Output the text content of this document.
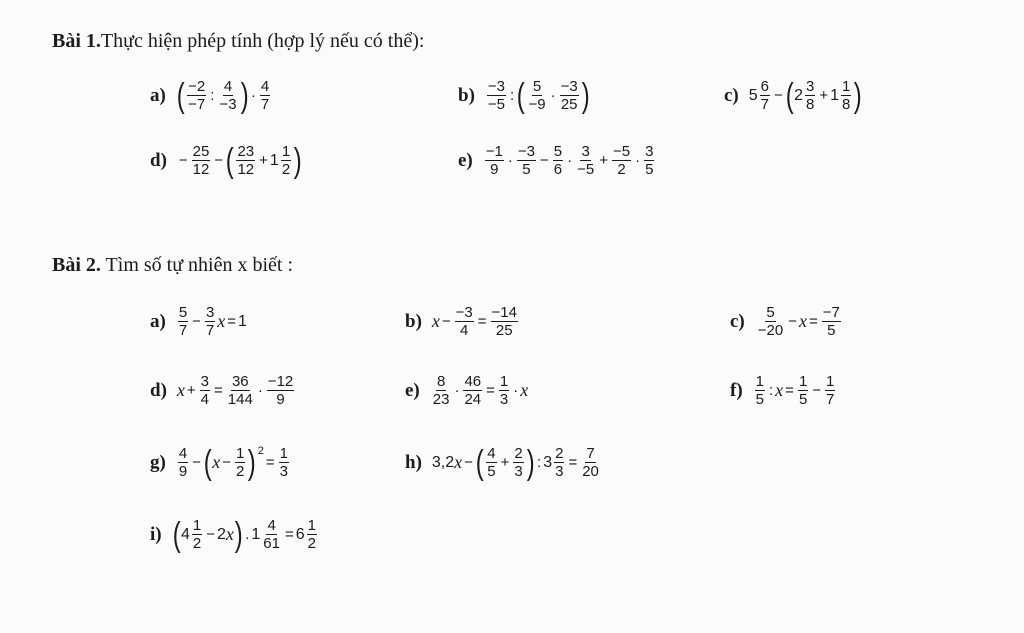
Bài 1.Thực hiện phép tính (hợp lý nếu có thể):
a) ( −2
−7
:
4
−3 ) ·
4
7	b) −3
−5
: ( 5
−9
·
−3
25 )	c) 5 6
7
− ( 2 3
8
+ 1 1
8 )
$d) - \frac{25}{12}$ − ( 23
12
+ 1 1
2 )	e) −1
9
·
−3
5
− $\frac{5}{6}$ ·
3
−5
+ $\frac{-5}{2}$ ·
3
5
Bài 2. Tìm số tự nhiên x biết :
a) 5
7
− $\frac{3}{7}$ x = 1	b) $x - \frac{-3}{4} = \frac{-14}{25}$	c) 5
−20
− $x = \frac{-7}{5}$
d) $x + \frac{3}{4} = \frac{36}{144}$ ·
−12
9	e) 8
23
· $\frac{46}{24} = \frac{1}{3} \cdot x$	f) 1
5
: $x = \frac{1}{5} - \frac{1}{7}$
g) 4
9
− ( $x - \frac{1}{2}$ ) 2
= $\frac{1}{3}$	h) 3,2 x − ( 4
5
+ $\frac{2}{3}$ ) : $3 \frac{2}{3} = \frac{7}{20}$
i) ( 4 1
2
− 2 x ) . $1 \frac{4}{61} = 6$ 1
2
